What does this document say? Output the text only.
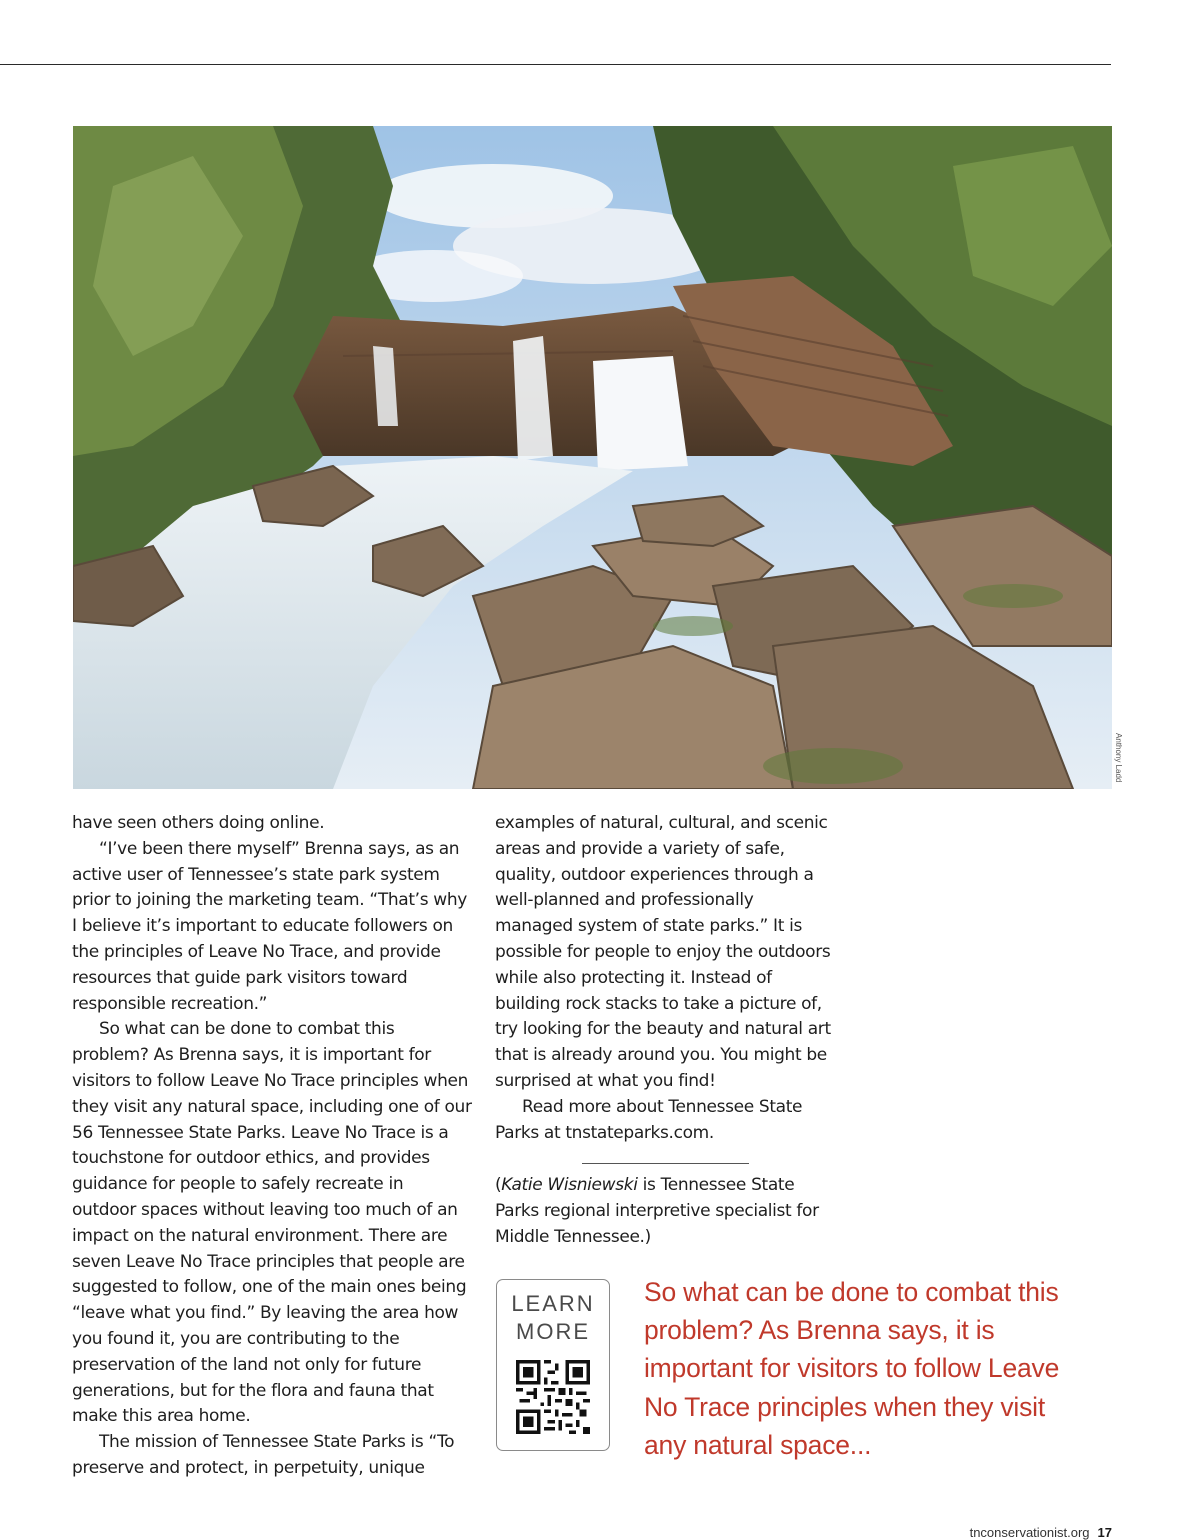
Anthony Ladd

have seen others doing online.

“I’ve been there myself” Brenna says, as an active user of Tennessee’s state park system prior to joining the marketing team. “That’s why I believe it’s important to educate followers on the principles of Leave No Trace, and provide resources that guide park visitors toward responsible recreation.”

So what can be done to combat this problem? As Brenna says, it is important for visitors to follow Leave No Trace principles when they visit any natural space, including one of our 56 Tennessee State Parks. Leave No Trace is a touchstone for outdoor ethics, and provides guidance for people to safely recreate in outdoor spaces without leaving too much of an impact on the natural environment. There are seven Leave No Trace principles that people are suggested to follow, one of the main ones being “leave what you find.” By leaving the area how you found it, you are contributing to the preservation of the land not only for future generations, but for the flora and fauna that make this area home.

The mission of Tennessee State Parks is “To preserve and protect, in perpetuity, unique

examples of natural, cultural, and scenic areas and provide a variety of safe, quality, outdoor experiences through a well-planned and professionally managed system of state parks.” It is possible for people to enjoy the outdoors while also protecting it. Instead of building rock stacks to take a picture of, try looking for the beauty and natural art that is already around you. You might be surprised at what you find!

Read more about Tennessee State Parks at tnstateparks.com.

(Katie Wisniewski is Tennessee State Parks regional interpretive specialist for Middle Tennessee.)
LEARN
MORE
So what can be done to combat this problem? As Brenna says, it is important for visitors to follow Leave No Trace principles when they visit any natural space...
tnconservationist.org 17
